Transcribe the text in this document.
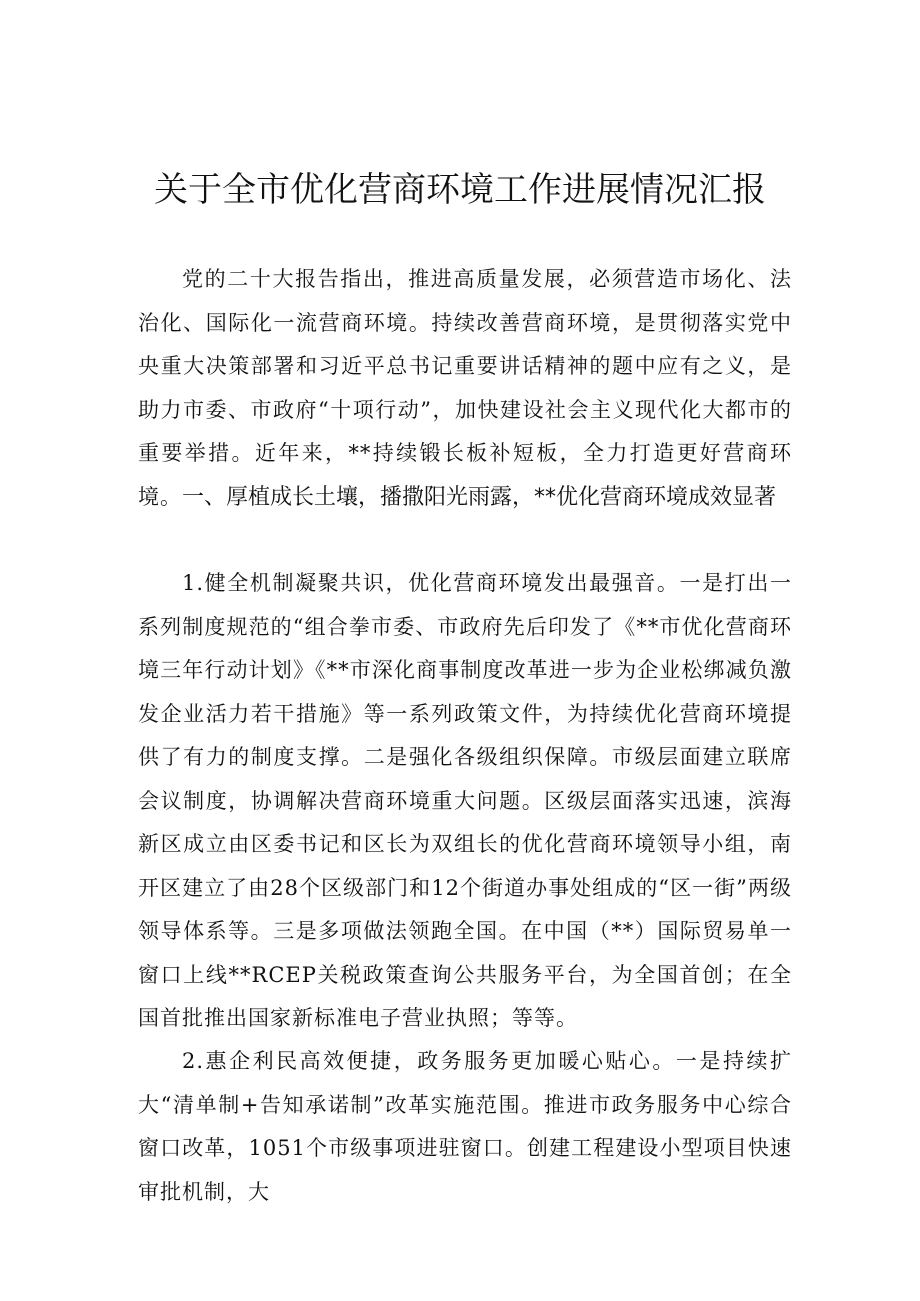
关于全市优化营商环境工作进展情况汇报

党的二十大报告指出，推进高质量发展，必须营造市场化、法治化、国际化一流营商环境。持续改善营商环境，是贯彻落实党中央重大决策部署和习近平总书记重要讲话精神的题中应有之义，是助力市委、市政府“十项行动”，加快建设社会主义现代化大都市的重要举措。近年来，**持续锻长板补短板，全力打造更好营商环境。 一、厚植成长土壤，播撒阳光雨露，**优化营商环境成效显著

1.健全机制凝聚共识，优化营商环境发出最强音。一是打出一系列制度规范的“组合拳市委、市政府先后印发了《**市优化营商环境三年行动计划》《**市深化商事制度改革进一步为企业松绑减负激发企业活力若干措施》等一系列政策文件，为持续优化营商环境提供了有力的制度支撑。二是强化各级组织保障。市级层面建立联席会议制度，协调解决营商环境重大问题。区级层面落实迅速，滨海新区成立由区委书记和区长为双组长的优化营商环境领导小组，南开区建立了由28个区级部门和12个街道办事处组成的“区一街”两级领导体系等。三是多项做法领跑全国。在中国（**）国际贸易单一窗口上线**RCEP关税政策查询公共服务平台，为全国首创；在全国首批推出国家新标准电子营业执照；等等。

2.惠企利民高效便捷，政务服务更加暖心贴心。一是持续扩大“清单制+告知承诺制”改革实施范围。推进市政务服务中心综合窗口改革，1051个市级事项进驻窗口。创建工程建设小型项目快速审批机制，大
